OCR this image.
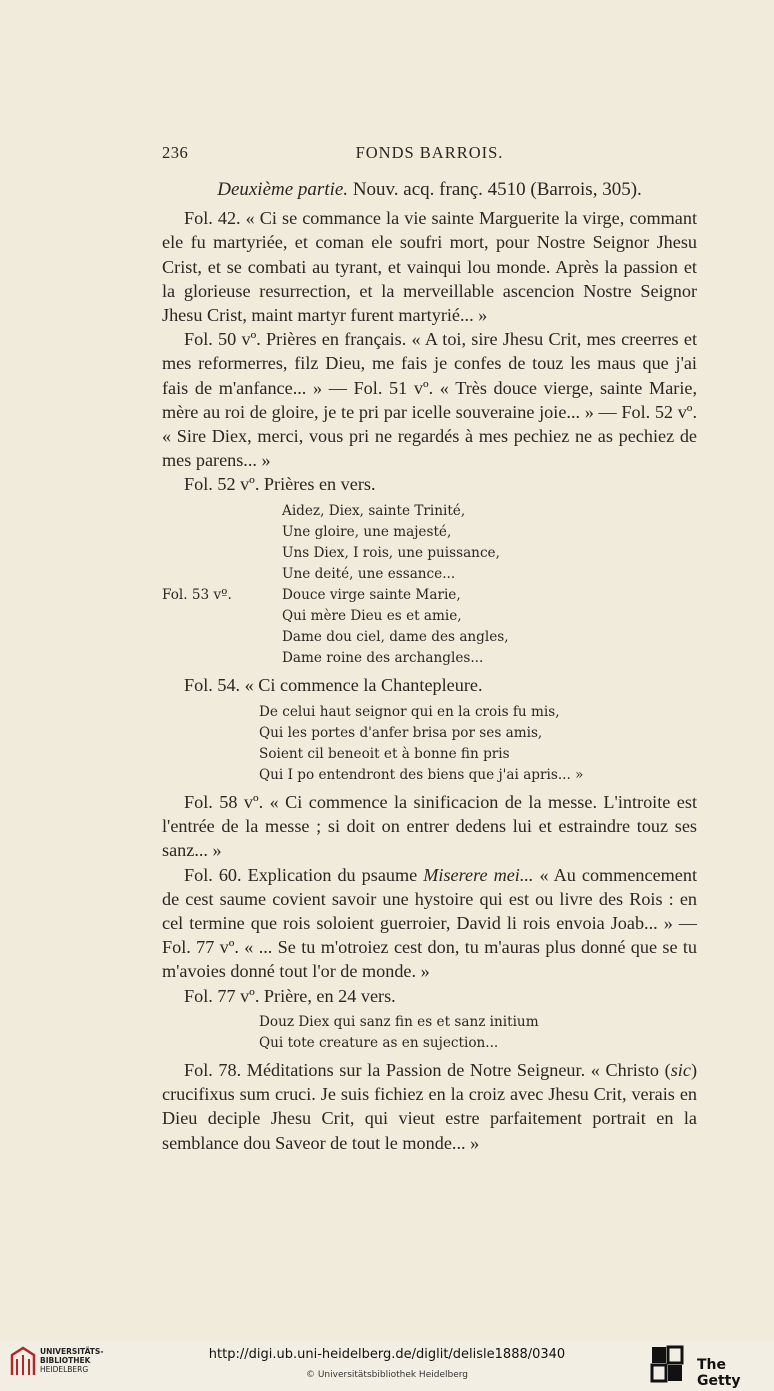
236	FONDS BARROIS.
Deuxième partie. Nouv. acq. franç. 4510 (Barrois, 305).

Fol. 42. « Ci se commance la vie sainte Marguerite la virge, commant ele fu martyriée, et coman ele soufri mort, pour Nostre Seignor Jhesu Crist, et se combati au tyrant, et vainqui lou monde. Après la passion et la glorieuse resurrection, et la merveillable ascencion Nostre Seignor Jhesu Crist, maint martyr furent martyrié... »

Fol. 50 vº. Prières en français. « A toi, sire Jhesu Crit, mes creerres et mes reformerres, filz Dieu, me fais je confes de touz les maus que j'ai fais de m'anfance... » — Fol. 51 vº. « Très douce vierge, sainte Marie, mère au roi de gloire, je te pri par icelle souveraine joie... » — Fol. 52 vº. « Sire Diex, merci, vous pri ne regardés à mes pechiez ne as pechiez de mes parens... »

Fol. 52 vº. Prières en vers.

Aidez, Diex, sainte Trinité,
Une gloire, une majesté,
Uns Diex, I rois, une puissance,
Une deité, une essance...
Fol. 53 vº.	Douce virge sainte Marie,
Qui mère Dieu es et amie,
Dame dou ciel, dame des angles,
Dame roine des archangles...

Fol. 54. « Ci commence la Chantepleure.

De celui haut seignor qui en la crois fu mis,
Qui les portes d'anfer brisa por ses amis,
Soient cil beneoit et à bonne fin pris
Qui I po entendront des biens que j'ai apris... »

Fol. 58 vº. « Ci commence la sinificacion de la messe. L'introite est l'entrée de la messe ; si doit on entrer dedens lui et estraindre touz ses sanz... »

Fol. 60. Explication du psaume Miserere mei... « Au commencement de cest saume covient savoir une hystoire qui est ou livre des Rois : en cel termine que rois soloient guerroier, David li rois envoia Joab... » — Fol. 77 vº. « ... Se tu m'otroiez cest don, tu m'auras plus donné que se tu m'avoies donné tout l'or de monde. »

Fol. 77 vº. Prière, en 24 vers.

Douz Diex qui sanz fin es et sanz initium
Qui tote creature as en sujection...

Fol. 78. Méditations sur la Passion de Notre Seigneur. « Christo (sic) crucifixus sum cruci. Je suis fichiez en la croiz avec Jhesu Crit, verais en Dieu deciple Jhesu Crit, qui vieut estre parfaitement portrait en la semblance dou Saveor de tout le monde... »

UNIVERSITÄTS-
BIBLIOTHEK
HEIDELBERG
http://digi.ub.uni-heidelberg.de/diglit/delisle1888/0340
© Universitätsbibliothek Heidelberg
The Getty
